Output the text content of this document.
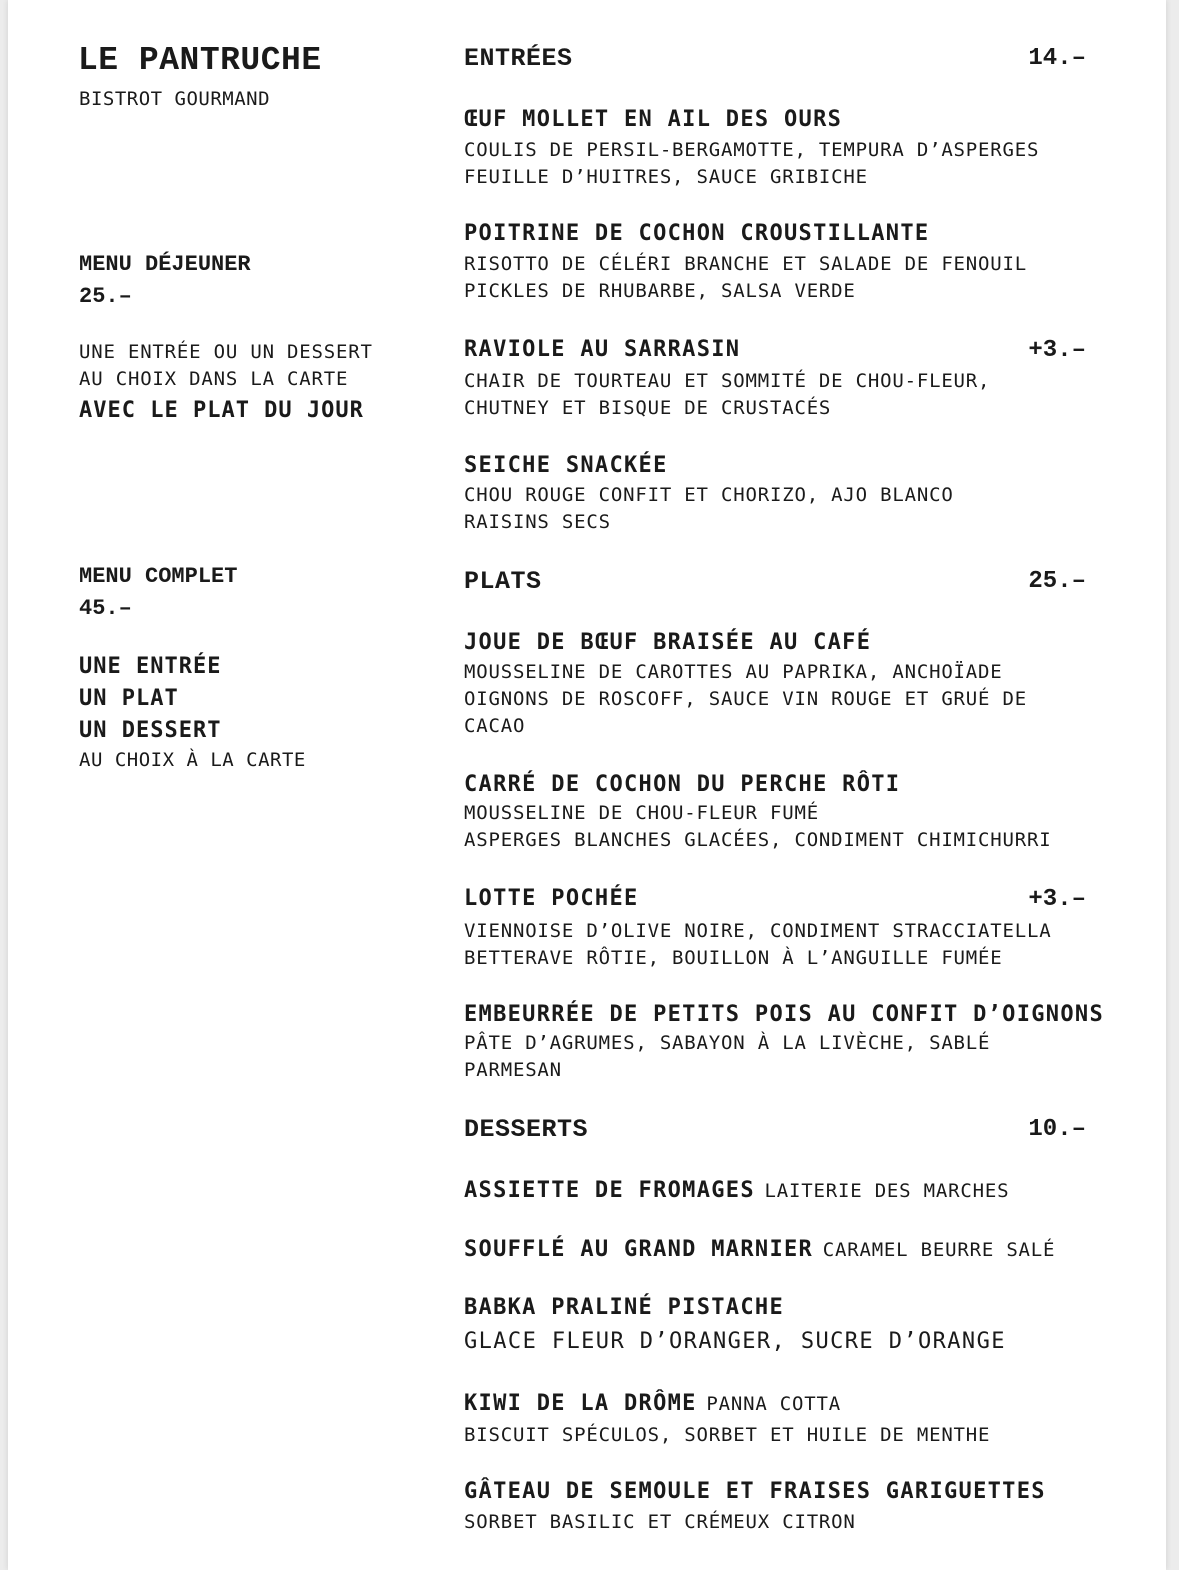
LE PANTRUCHE
BISTROT GOURMAND
MENU DÉJEUNER
25.–
UNE ENTRÉE OU UN DESSERT
AU CHOIX DANS LA CARTE
AVEC LE PLAT DU JOUR
MENU COMPLET
45.–
UNE ENTRÉE
UN PLAT
UN DESSERT
AU CHOIX À LA CARTE
ENTRÉES	14.–
ŒUF MOLLET EN AIL DES OURS
COULIS DE PERSIL-BERGAMOTTE, TEMPURA D’ASPERGES
FEUILLE D’HUITRES, SAUCE GRIBICHE
POITRINE DE COCHON CROUSTILLANTE
RISOTTO DE CÉLÉRI BRANCHE ET SALADE DE FENOUIL
PICKLES DE RHUBARBE, SALSA VERDE
RAVIOLE AU SARRASIN	+3.–
CHAIR DE TOURTEAU ET SOMMITÉ DE CHOU-FLEUR,
CHUTNEY ET BISQUE DE CRUSTACÉS
SEICHE SNACKÉE
CHOU ROUGE CONFIT ET CHORIZO, AJO BLANCO
RAISINS SECS
PLATS	25.–
JOUE DE BŒUF BRAISÉE AU CAFÉ
MOUSSELINE DE CAROTTES AU PAPRIKA, ANCHOÏADE
OIGNONS DE ROSCOFF, SAUCE VIN ROUGE ET GRUÉ DE
CACAO
CARRÉ DE COCHON DU PERCHE RÔTI
MOUSSELINE DE CHOU-FLEUR FUMÉ
ASPERGES BLANCHES GLACÉES, CONDIMENT CHIMICHURRI
LOTTE POCHÉE	+3.–
VIENNOISE D’OLIVE NOIRE, CONDIMENT STRACCIATELLA
BETTERAVE RÔTIE, BOUILLON À L’ANGUILLE FUMÉE
EMBEURRÉE DE PETITS POIS AU CONFIT D’OIGNONS
PÂTE D’AGRUMES, SABAYON À LA LIVÈCHE, SABLÉ
PARMESAN
DESSERTS	10.–
ASSIETTE DE FROMAGES LAITERIE DES MARCHES
SOUFFLÉ AU GRAND MARNIER CARAMEL BEURRE SALÉ
BABKA PRALINÉ PISTACHE
GLACE FLEUR D’ORANGER, SUCRE D’ORANGE
KIWI DE LA DRÔME PANNA COTTA
BISCUIT SPÉCULOS, SORBET ET HUILE DE MENTHE
GÂTEAU DE SEMOULE ET FRAISES GARIGUETTES
SORBET BASILIC ET CRÉMEUX CITRON
